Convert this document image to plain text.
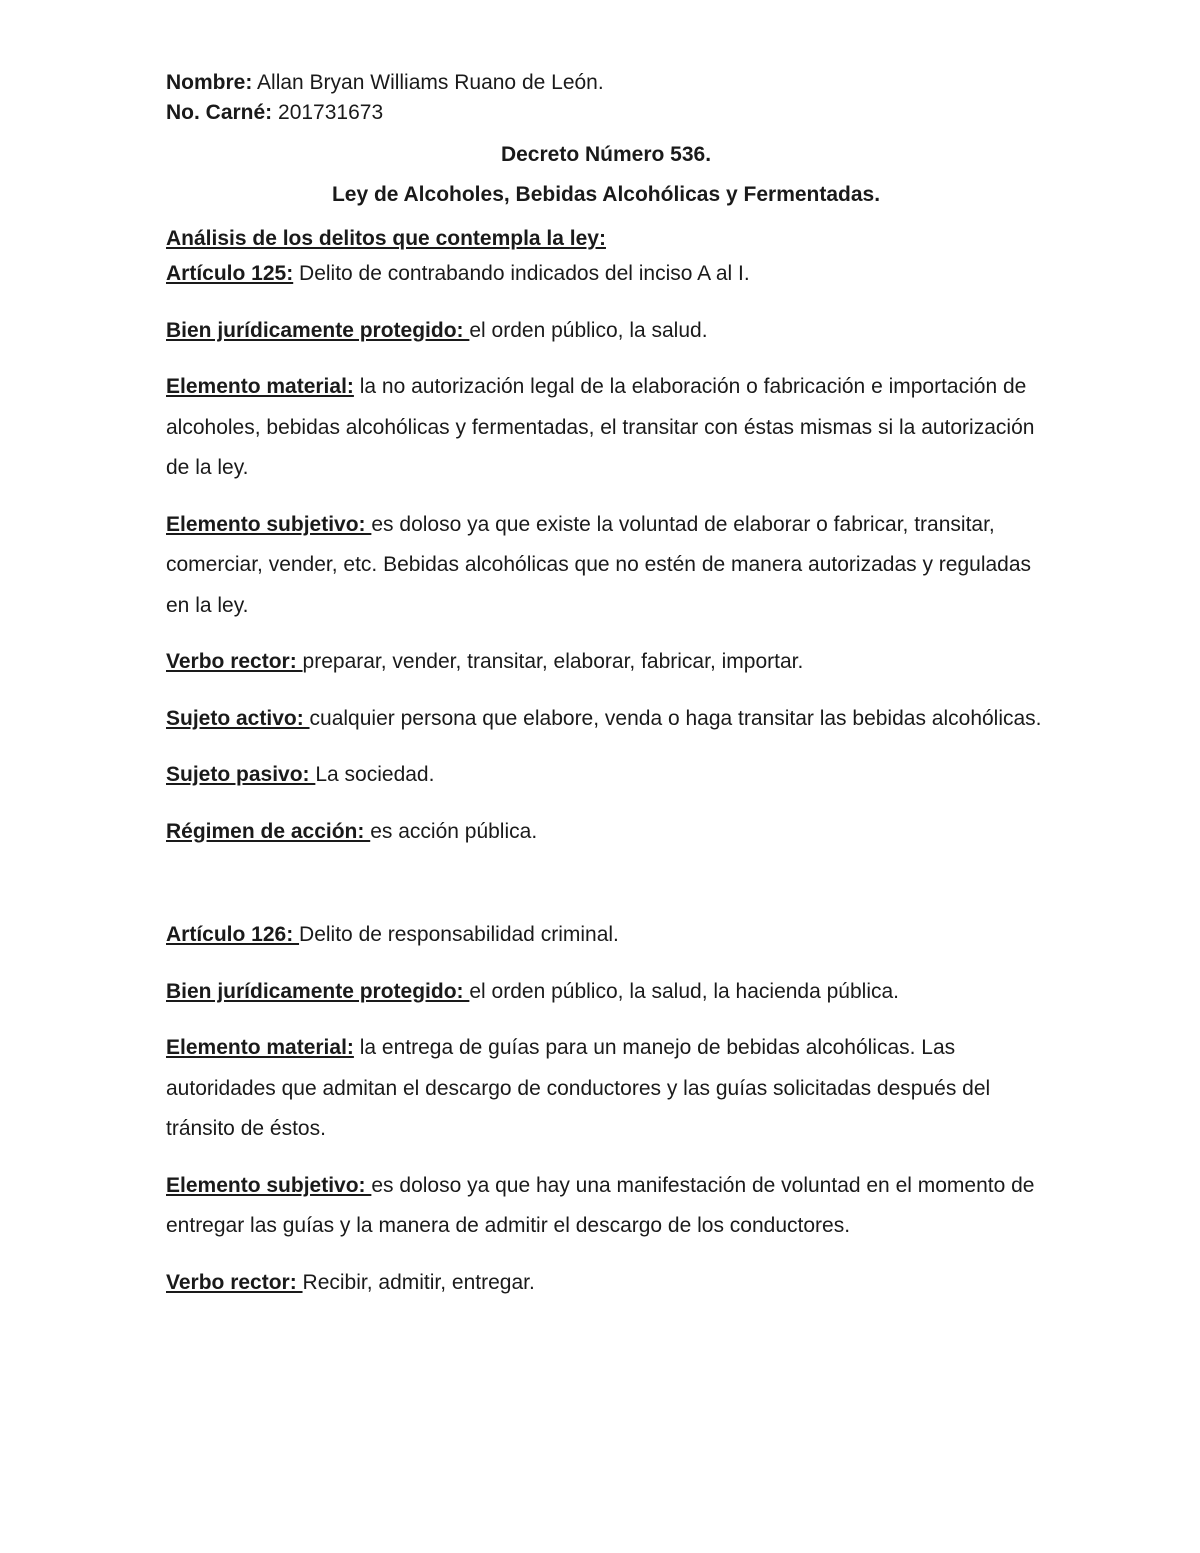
Nombre: Allan Bryan Williams Ruano de León.

No. Carné: 201731673

Decreto Número 536.

Ley de Alcoholes, Bebidas Alcohólicas y Fermentadas.

Análisis de los delitos que contempla la ley:

Artículo 125: Delito de contrabando indicados del inciso A al I.

Bien jurídicamente protegido: el orden público, la salud.

Elemento material: la no autorización legal de la elaboración o fabricación e importación de alcoholes, bebidas alcohólicas y fermentadas, el transitar con éstas mismas si la autorización de la ley.

Elemento subjetivo: es doloso ya que existe la voluntad de elaborar o fabricar, transitar, comerciar, vender, etc. Bebidas alcohólicas que no estén de manera autorizadas y reguladas en la ley.

Verbo rector: preparar, vender, transitar, elaborar, fabricar, importar.

Sujeto activo: cualquier persona que elabore, venda o haga transitar las bebidas alcohólicas.

Sujeto pasivo: La sociedad.

Régimen de acción: es acción pública.

Artículo 126: Delito de responsabilidad criminal.

Bien jurídicamente protegido: el orden público, la salud, la hacienda pública.

Elemento material: la entrega de guías para un manejo de bebidas alcohólicas. Las autoridades que admitan el descargo de conductores y las guías solicitadas después del tránsito de éstos.

Elemento subjetivo: es doloso ya que hay una manifestación de voluntad en el momento de entregar las guías y la manera de admitir el descargo de los conductores.

Verbo rector: Recibir, admitir, entregar.
